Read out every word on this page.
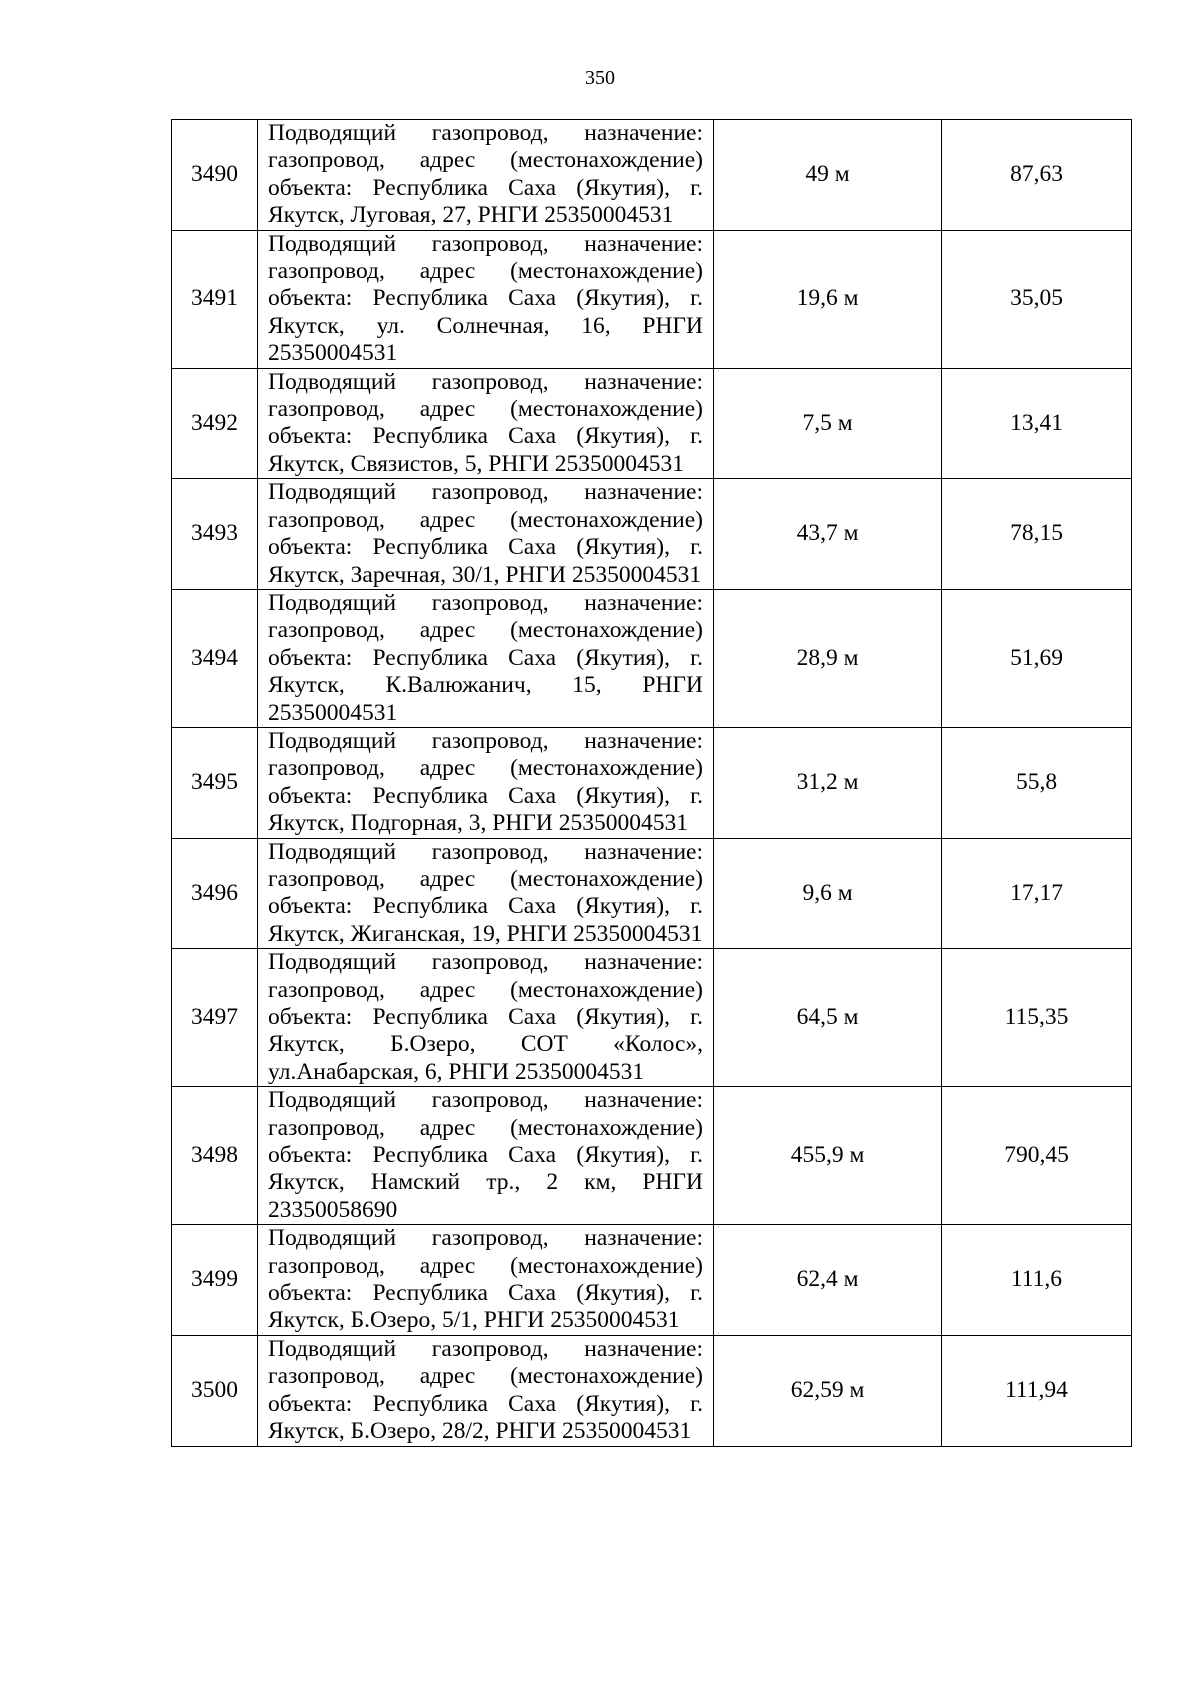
350
3490	Подводящий газопровод, назначение: газопровод, адрес (местонахождение) объекта: Республика Саха (Якутия), г. Якутск, Луговая, 27, РНГИ 25350004531	49 м	87,63

3491	Подводящий газопровод, назначение: газопровод, адрес (местонахождение) объекта: Республика Саха (Якутия), г. Якутск, ул. Солнечная, 16, РНГИ 25350004531	19,6 м	35,05

3492	Подводящий газопровод, назначение: газопровод, адрес (местонахождение) объекта: Республика Саха (Якутия), г. Якутск, Связистов, 5, РНГИ 25350004531	7,5 м	13,41

3493	Подводящий газопровод, назначение: газопровод, адрес (местонахождение) объекта: Республика Саха (Якутия), г. Якутск, Заречная, 30/1, РНГИ 25350004531	43,7 м	78,15

3494	Подводящий газопровод, назначение: газопровод, адрес (местонахождение) объекта: Республика Саха (Якутия), г. Якутск, К.Валюжанич, 15, РНГИ 25350004531	28,9 м	51,69

3495	Подводящий газопровод, назначение: газопровод, адрес (местонахождение) объекта: Республика Саха (Якутия), г. Якутск, Подгорная, 3, РНГИ 25350004531	31,2 м	55,8

3496	Подводящий газопровод, назначение: газопровод, адрес (местонахождение) объекта: Республика Саха (Якутия), г. Якутск, Жиганская, 19, РНГИ 25350004531	9,6 м	17,17

3497	Подводящий газопровод, назначение: газопровод, адрес (местонахождение) объекта: Республика Саха (Якутия), г. Якутск, Б.Озеро, СОТ «Колос», ул.Анабарская, 6, РНГИ 25350004531	64,5 м	115,35

3498	Подводящий газопровод, назначение: газопровод, адрес (местонахождение) объекта: Республика Саха (Якутия), г. Якутск, Намский тр., 2 км, РНГИ 23350058690	455,9 м	790,45

3499	Подводящий газопровод, назначение: газопровод, адрес (местонахождение) объекта: Республика Саха (Якутия), г. Якутск, Б.Озеро, 5/1, РНГИ 25350004531	62,4 м	111,6

3500	Подводящий газопровод, назначение: газопровод, адрес (местонахождение) объекта: Республика Саха (Якутия), г. Якутск, Б.Озеро, 28/2, РНГИ 25350004531	62,59 м	111,94
